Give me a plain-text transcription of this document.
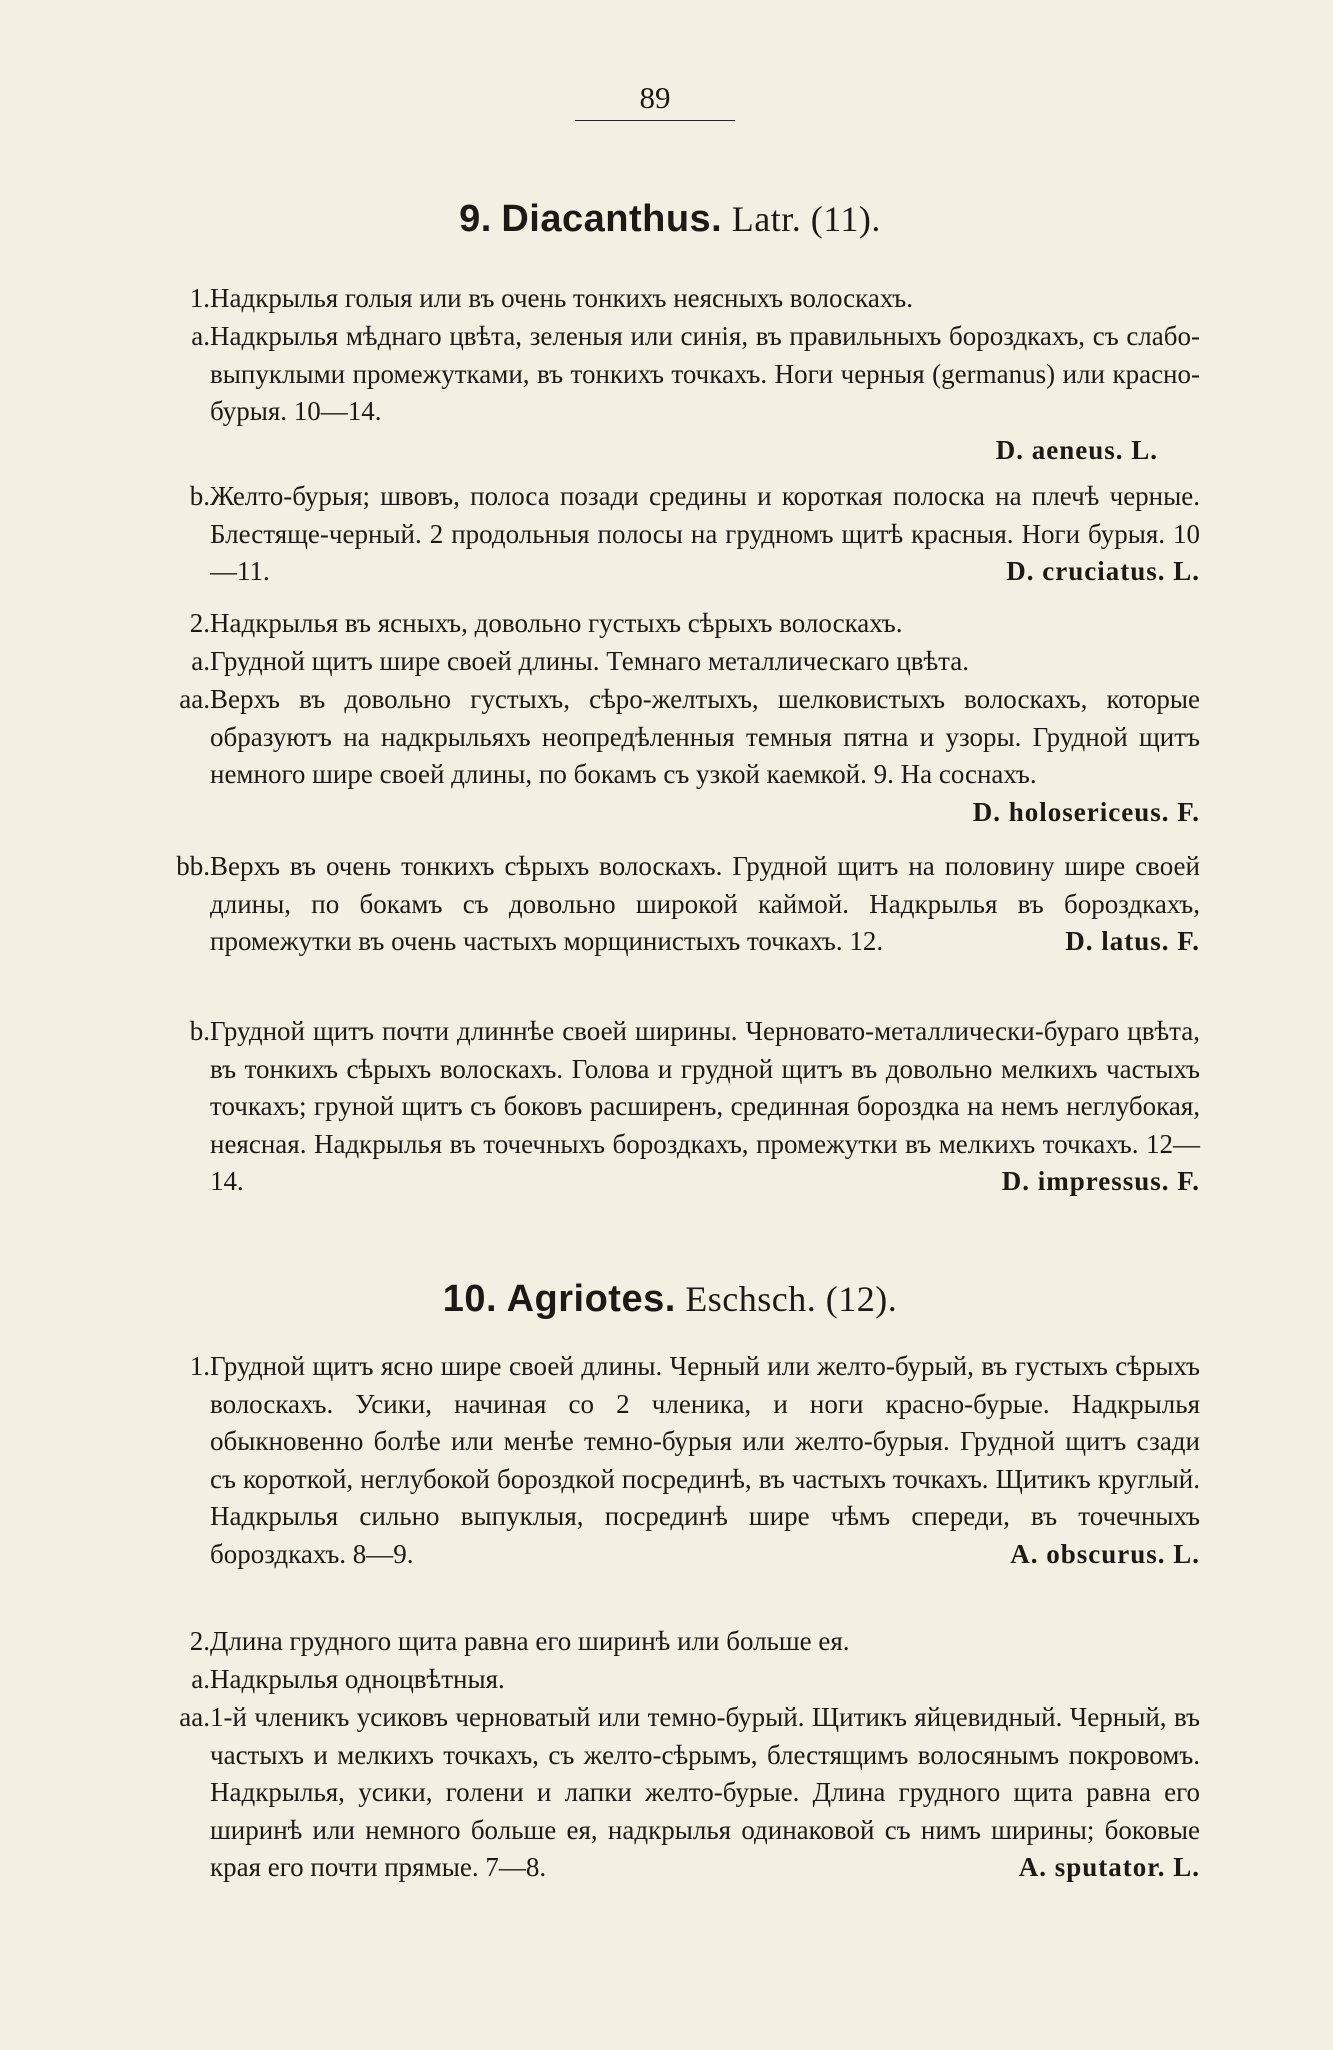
89
9. Diacanthus. Latr. (11).
1. Надкрылья голыя или въ очень тонкихъ неясныхъ волоскахъ.
a. Надкрылья мѣднаго цвѣта, зеленыя или синія, въ правильныхъ бороздкахъ, съ слабо-выпуклыми промежутками, въ тонкихъ точкахъ. Ноги черныя (germanus) или красно-бурыя. 10—14.
D. aeneus. L.
b. Желто-бурыя; швовъ, полоса позади средины и короткая полоска на плечѣ черные. Блестяще-черный. 2 продольныя полосы на грудномъ щитѣ красныя. Ноги бурыя. 10—11.	D. cruciatus. L.
2. Надкрылья въ ясныхъ, довольно густыхъ сѣрыхъ волоскахъ.
a. Грудной щитъ шире своей длины. Темнаго металлическаго цвѣта.
aa. Верхъ въ довольно густыхъ, сѣро-желтыхъ, шелковистыхъ волоскахъ, которые образуютъ на надкрыльяхъ неопредѣленныя темныя пятна и узоры. Грудной щитъ немного шире своей длины, по бокамъ съ узкой каемкой. 9. На соснахъ.
D. holosericeus. F.
bb. Верхъ въ очень тонкихъ сѣрыхъ волоскахъ. Грудной щитъ на половину шире своей длины, по бокамъ съ довольно широкой каймой. Надкрылья въ бороздкахъ, промежутки въ очень частыхъ морщинистыхъ точкахъ. 12.	D. latus. F.
b. Грудной щитъ почти длиннѣе своей ширины. Черновато-металлически-бураго цвѣта, въ тонкихъ сѣрыхъ волоскахъ. Голова и грудной щитъ въ довольно мелкихъ частыхъ точкахъ; груной щитъ съ боковъ расширенъ, срединная бороздка на немъ неглубокая, неясная. Надкрылья въ точечныхъ бороздкахъ, промежутки въ мелкихъ точкахъ. 12—14.	D. impressus. F.
10. Agriotes. Eschsch. (12).
1. Грудной щитъ ясно шире своей длины. Черный или желто-бурый, въ густыхъ сѣрыхъ волоскахъ. Усики, начиная со 2 членика, и ноги красно-бурые. Надкрылья обыкновенно болѣе или менѣе темно-бурыя или желто-бурыя. Грудной щитъ сзади съ короткой, неглубокой бороздкой посрединѣ, въ частыхъ точкахъ. Щитикъ круглый. Надкрылья сильно выпуклыя, посрединѣ шире чѣмъ спереди, въ точечныхъ бороздкахъ. 8—9.	A. obscurus. L.
2. Длина грудного щита равна его ширинѣ или больше ея.
a. Надкрылья одноцвѣтныя.
aa. 1-й членикъ усиковъ черноватый или темно-бурый. Щитикъ яйцевидный. Черный, въ частыхъ и мелкихъ точкахъ, съ желто-сѣрымъ, блестящимъ волосянымъ покровомъ. Надкрылья, усики, голени и лапки желто-бурые. Длина грудного щита равна его ширинѣ или немного больше ея, надкрылья одинаковой съ нимъ ширины; боковые края его почти прямые. 7—8.	A. sputator. L.
